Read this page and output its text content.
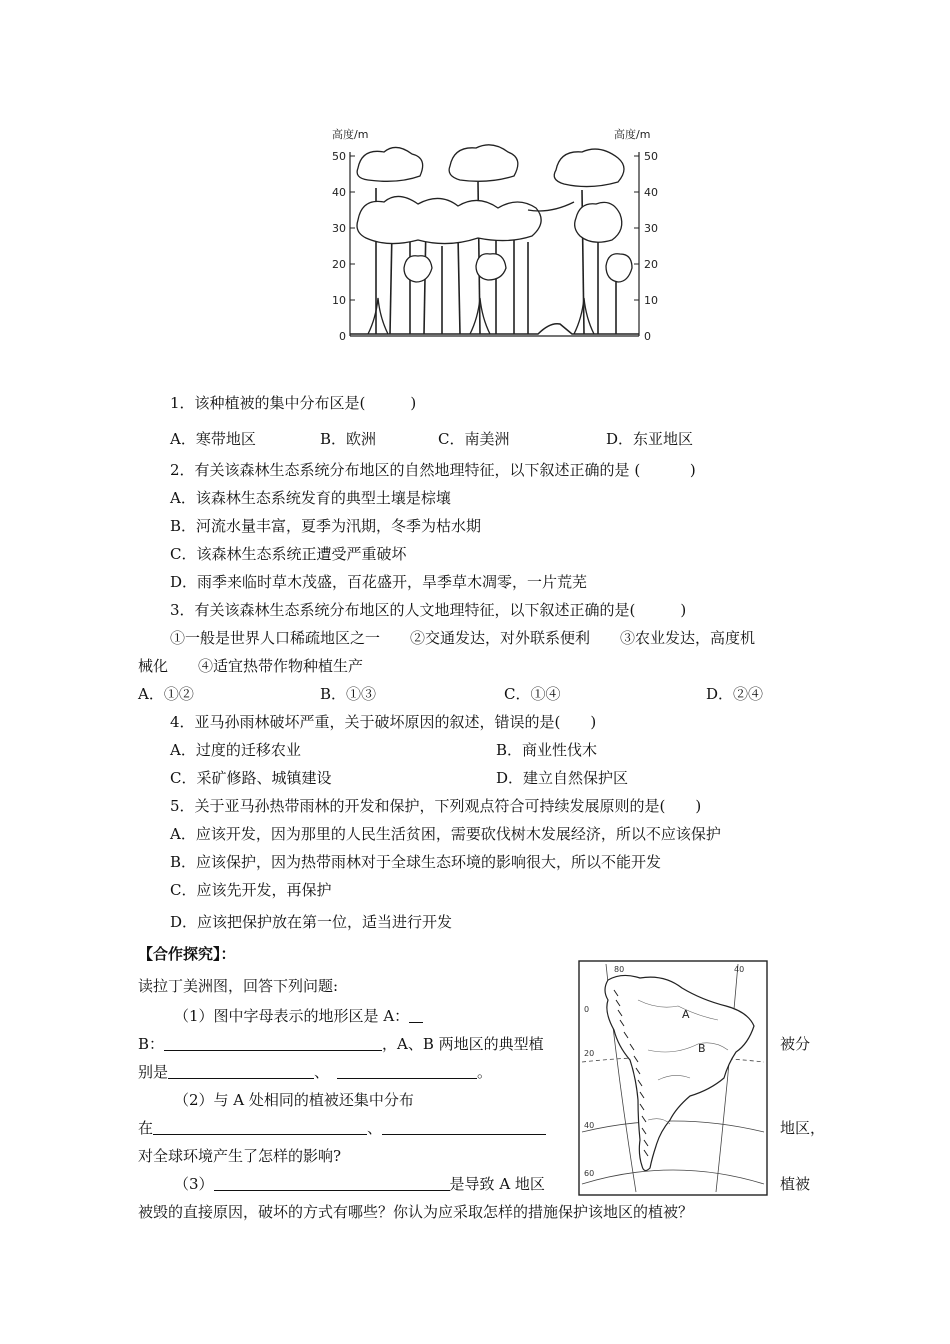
高度/m	高度/m
50
40
30
20
10
0
50
40
30
20
10
0
1．该种植被的集中分布区是(　　　)
A．寒带地区	B．欧洲	C．南美洲	D．东亚地区
2．有关该森林生态系统分布地区的自然地理特征，以下叙述正确的是 (　　　 )
A．该森林生态系统发育的典型土壤是棕壤
B．河流水量丰富，夏季为汛期，冬季为枯水期
C．该森林生态系统正遭受严重破坏
D．雨季来临时草木茂盛，百花盛开，旱季草木凋零，一片荒芜
3．有关该森林生态系统分布地区的人文地理特征，以下叙述正确的是(　　　)
①一般是世界人口稀疏地区之一　　②交通发达，对外联系便利　　③农业发达，高度机
械化　　④适宜热带作物种植生产
A．①②	B．①③	C．①④	D．②④
4．亚马孙雨林破坏严重，关于破坏原因的叙述，错误的是(　　)
A．过度的迁移农业	B．商业性伐木
C．采矿修路、城镇建设	D．建立自然保护区
5．关于亚马孙热带雨林的开发和保护，下列观点符合可持续发展原则的是(　　)
A．应该开发，因为那里的人民生活贫困，需要砍伐树木发展经济，所以不应该保护
B．应该保护，因为热带雨林对于全球生态环境的影响很大，所以不能开发
C．应该先开发，再保护
D．应该把保护放在第一位，适当进行开发
【合作探究】：
读拉丁美洲图，回答下列问题:
（1）图中字母表示的地形区是 A：
B：	，A、B 两地区的典型植	被分
别是	、	。
（2）与 A 处相同的植被还集中分布
在	、	地区，
对全球环境产生了怎样的影响?
（3）	是导致 A 地区	植被
被毁的直接原因，破坏的方式有哪些？你认为应采取怎样的措施保护该地区的植被？
A
B
80	40
0
20
40
60
